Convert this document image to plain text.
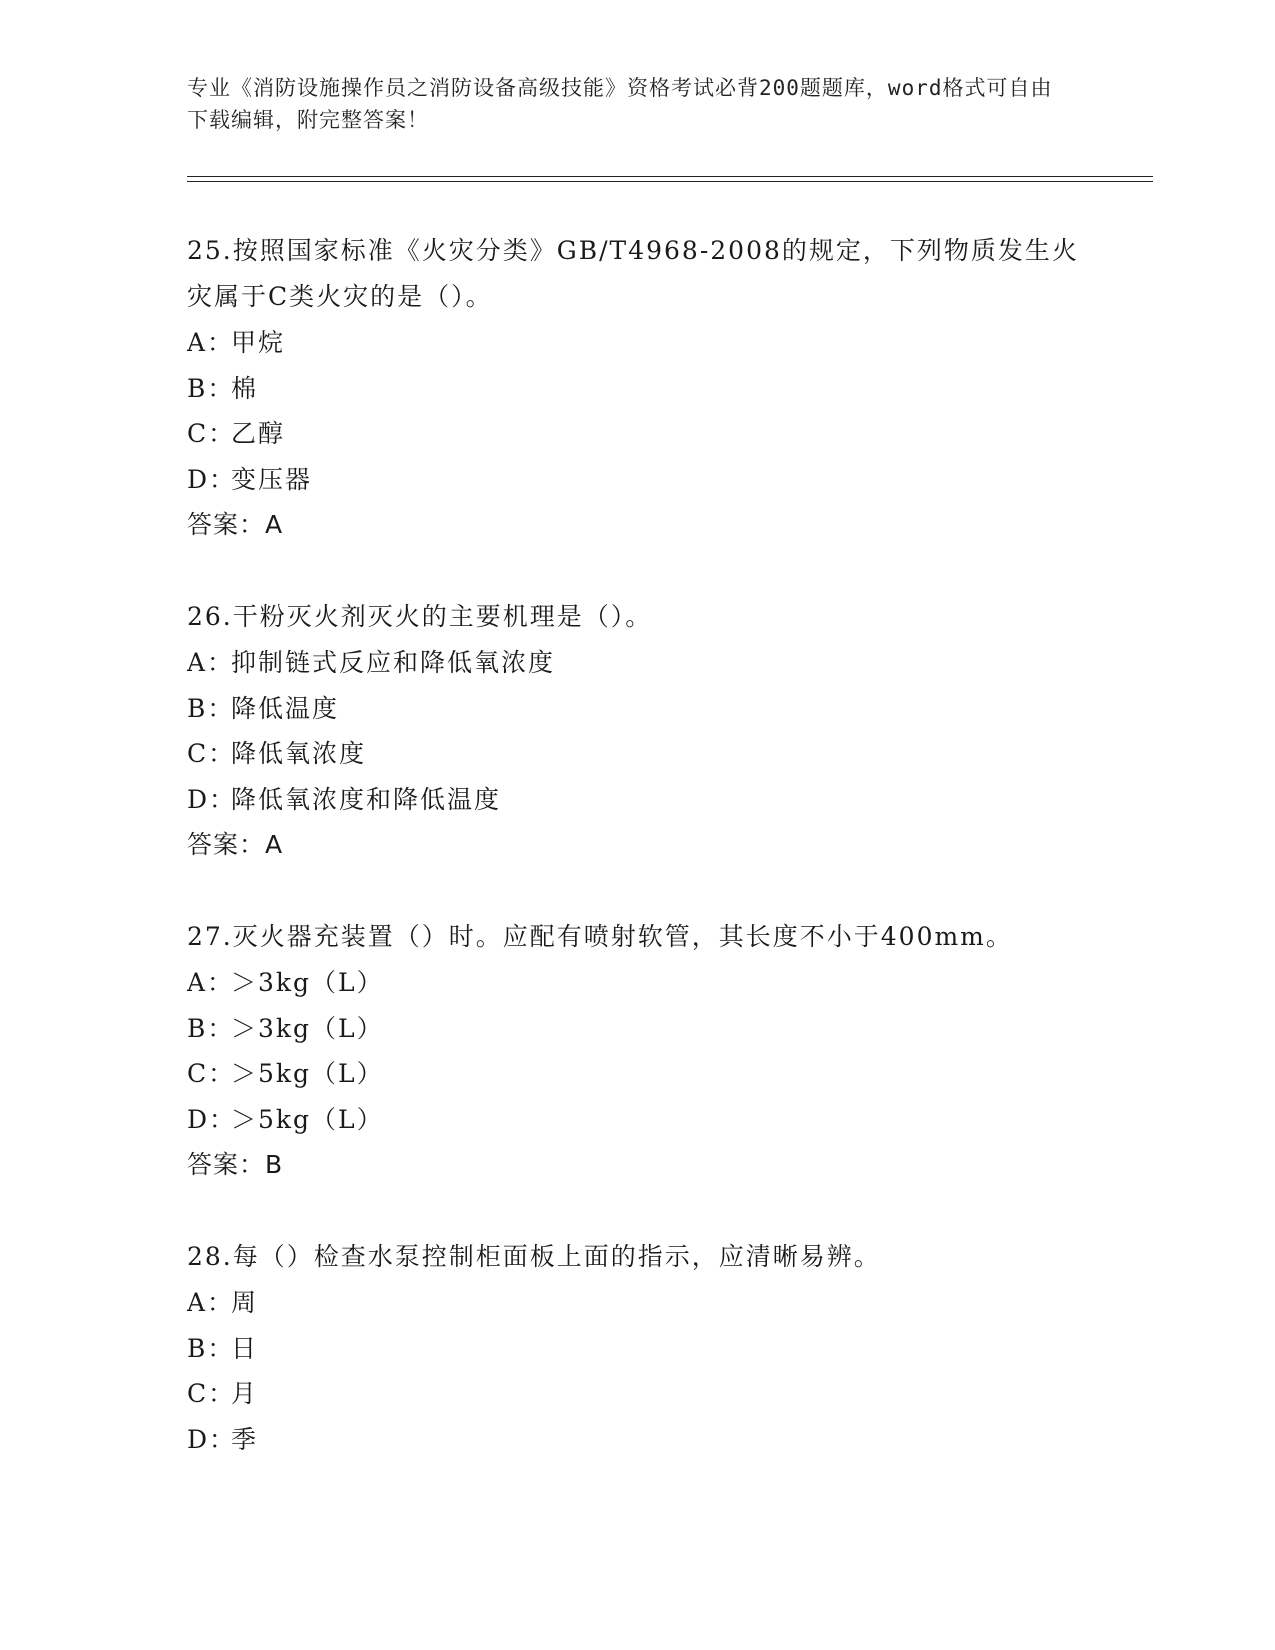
专业《消防设施操作员之消防设备高级技能》资格考试必背200题题库，word格式可自由下载编辑，附完整答案！

25.按照国家标准《火灾分类》GB/T4968-2008的规定，下列物质发生火灾属于C类火灾的是（）。

A：
甲烷

B：
棉

C：
乙醇

D：
变压器

答案：A

26.干粉灭火剂灭火的主要机理是（）。

A：
抑制链式反应和降低氧浓度

B：
降低温度

C：
降低氧浓度

D：
降低氧浓度和降低温度

答案：A

27.灭火器充装置（）时。应配有喷射软管，其长度不小于400mm。

A：
＞3kg（L）

B：
＞3kg（L）

C：
＞5kg（L）

D：
＞5kg（L）

答案：B

28.每（）检查水泵控制柜面板上面的指示，应清晰易辨。

A：
周

B：
日

C：
月

D：
季
